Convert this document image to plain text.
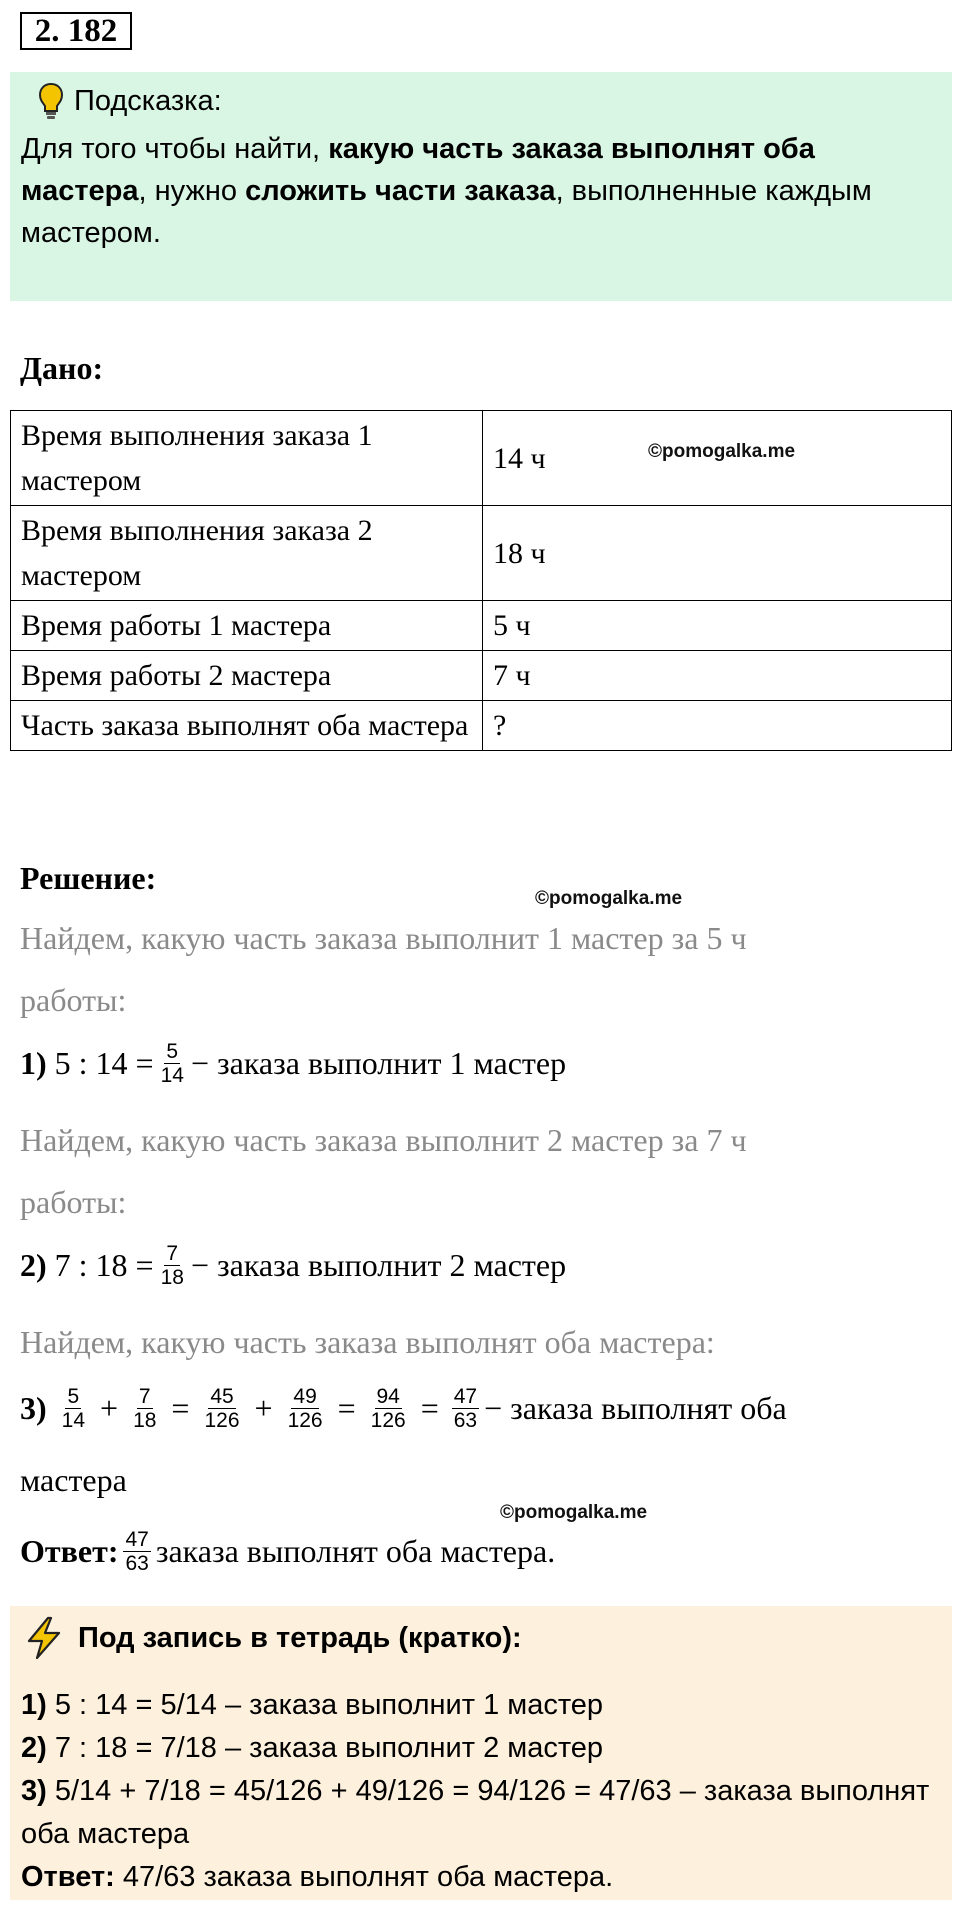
2. 182
Подсказка:
Для того чтобы найти, какую часть заказа выполнят оба мастера, нужно сложить части заказа, выполненные каждым мастером.
Дано:
Время выполнения заказа 1 мастером	14 ч ©pomogalka.me

Время выполнения заказа 2 мастером	18 ч
Время работы 1 мастера	5 ч
Время работы 2 мастера	7 ч
Часть заказа выполнят оба мастера	?
Решение:
©pomogalka.me
Найдем, какую часть заказа выполнит 1 мастер за 5 ч
работы:
1)
5 : $14 = \frac{5}{14}$ − заказа выполнит 1 мастер
Найдем, какую часть заказа выполнит 2 мастер за 7 ч
работы:
2)
7 : $18 = \frac{7}{18}$ − заказа выполнит 2 мастер
Найдем, какую часть заказа выполнят оба мастера:
3)
$\frac{5}{14} + \frac{7}{18} = \frac{45}{126} + \frac{49}{126} = \frac{94}{126} = \frac{47}{63}$ − заказа выполнят оба
мастера
©pomogalka.me
Ответ: $\frac{47}{63}$ заказа выполнят оба мастера.
Под запись в тетрадь (кратко):
1) 5 : 14 = 5/14 – заказа выполнит 1 мастер
2) 7 : 18 = 7/18 – заказа выполнит 2 мастер
3) 5/14 + 7/18 = 45/126 + 49/126 = 94/126 = 47/63 – заказа выполнят оба мастера
Ответ: 47/63 заказа выполнят оба мастера.
